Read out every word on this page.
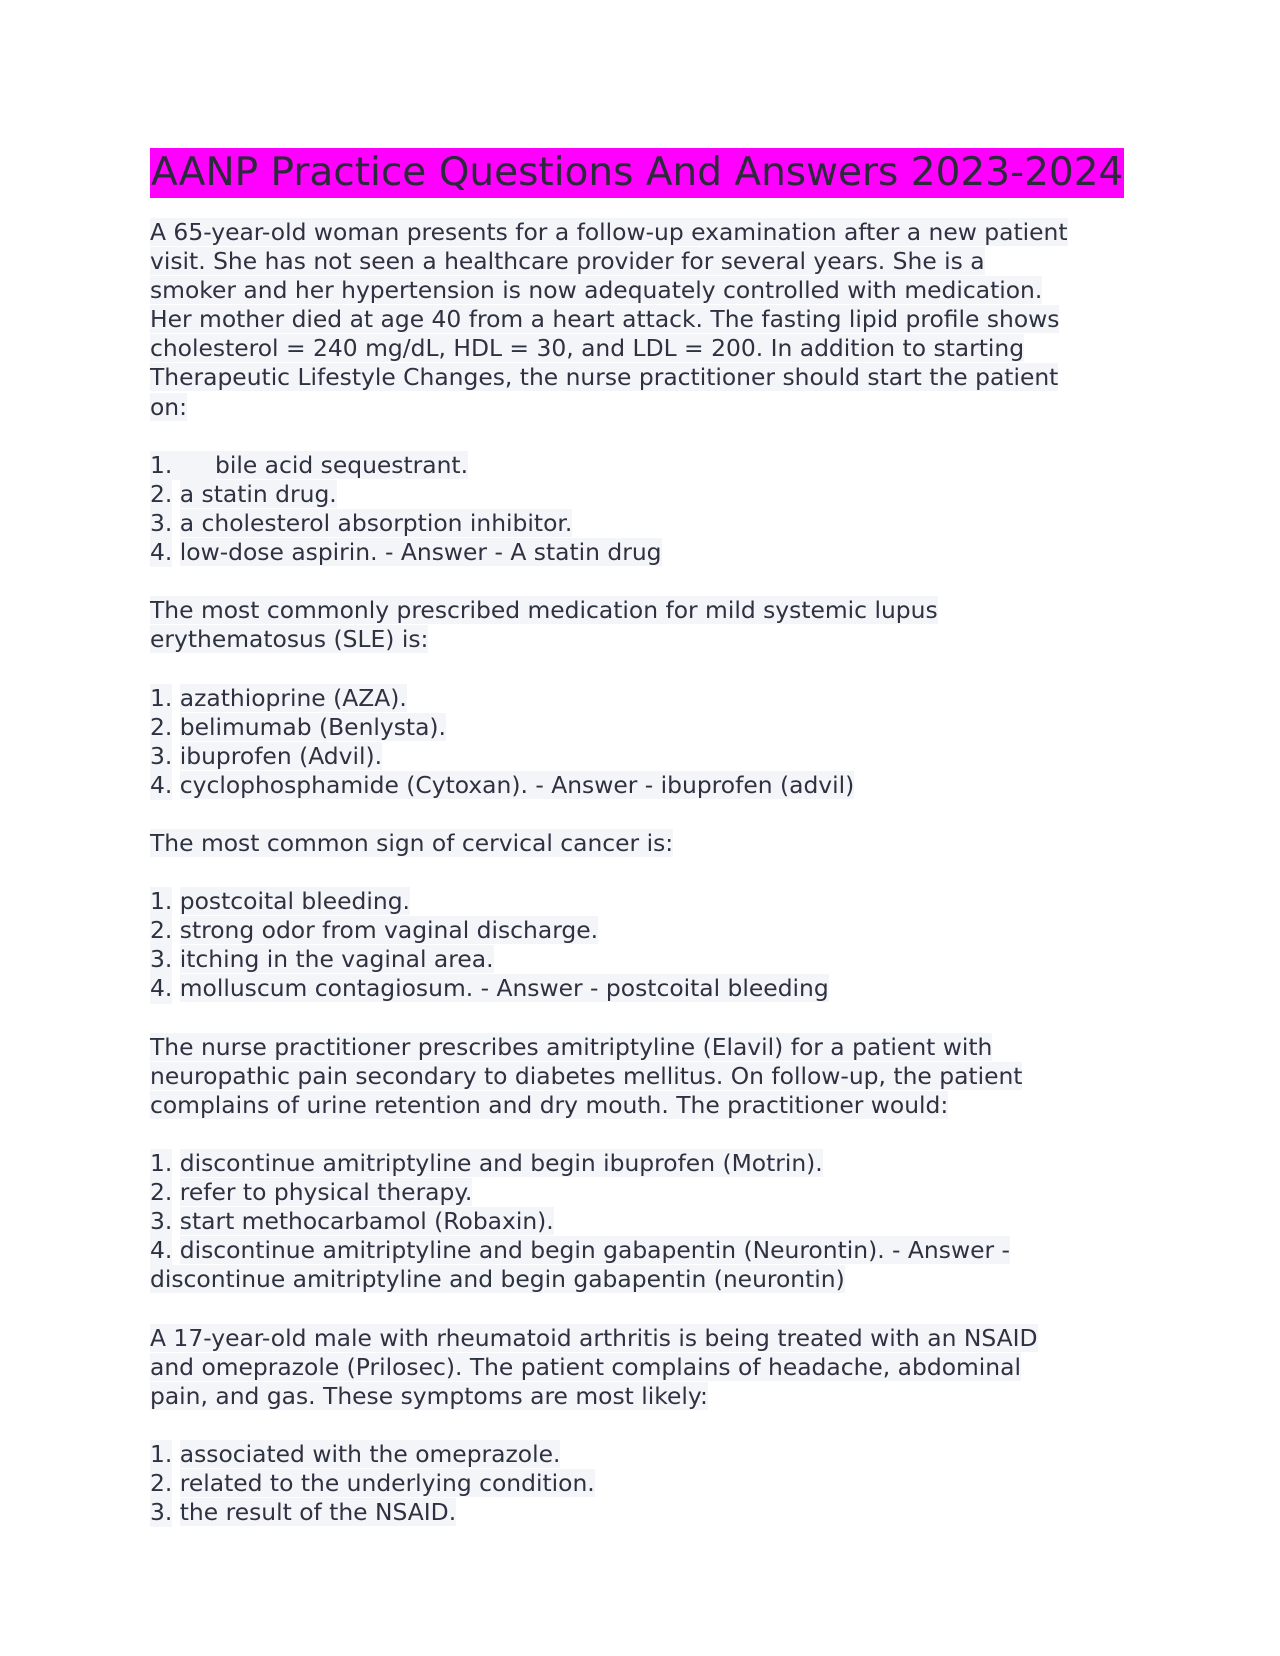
AANP Practice Questions And Answers 2023-2024
A 65-year-old woman presents for a follow-up examination after a new patient
visit. She has not seen a healthcare provider for several years. She is a
smoker and her hypertension is now adequately controlled with medication.
Her mother died at age 40 from a heart attack. The fasting lipid profile shows
cholesterol = 240 mg/dL, HDL = 30, and LDL = 200. In addition to starting
Therapeutic Lifestyle Changes, the nurse practitioner should start the patient
on:
1. bile acid sequestrant.
2. a statin drug.
3. a cholesterol absorption inhibitor.
4. low-dose aspirin. - Answer - A statin drug
The most commonly prescribed medication for mild systemic lupus
erythematosus (SLE) is:
1. azathioprine (AZA).
2. belimumab (Benlysta).
3. ibuprofen (Advil).
4. cyclophosphamide (Cytoxan). - Answer - ibuprofen (advil)
The most common sign of cervical cancer is:
1. postcoital bleeding.
2. strong odor from vaginal discharge.
3. itching in the vaginal area.
4. molluscum contagiosum. - Answer - postcoital bleeding
The nurse practitioner prescribes amitriptyline (Elavil) for a patient with
neuropathic pain secondary to diabetes mellitus. On follow-up, the patient
complains of urine retention and dry mouth. The practitioner would:
1. discontinue amitriptyline and begin ibuprofen (Motrin).
2. refer to physical therapy.
3. start methocarbamol (Robaxin).
4. discontinue amitriptyline and begin gabapentin (Neurontin). - Answer -
discontinue amitriptyline and begin gabapentin (neurontin)
A 17-year-old male with rheumatoid arthritis is being treated with an NSAID
and omeprazole (Prilosec). The patient complains of headache, abdominal
pain, and gas. These symptoms are most likely:
1. associated with the omeprazole.
2. related to the underlying condition.
3. the result of the NSAID.
